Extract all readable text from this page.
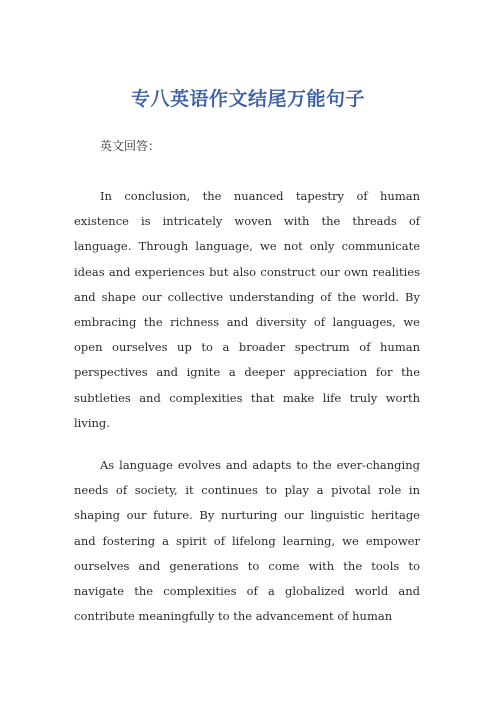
专八英语作文结尾万能句子
英文回答：

In conclusion, the nuanced tapestry of human existence is intricately woven with the threads of language. Through language, we not only communicate ideas and experiences but also construct our own realities and shape our collective understanding of the world. By embracing the richness and diversity of languages, we open ourselves up to a broader spectrum of human perspectives and ignite a deeper appreciation for the subtleties and complexities that make life truly worth living.

As language evolves and adapts to the ever-changing needs of society, it continues to play a pivotal role in shaping our future. By nurturing our linguistic heritage and fostering a spirit of lifelong learning, we empower ourselves and generations to come with the tools to navigate the complexities of a globalized world and contribute meaningfully to the advancement of human
